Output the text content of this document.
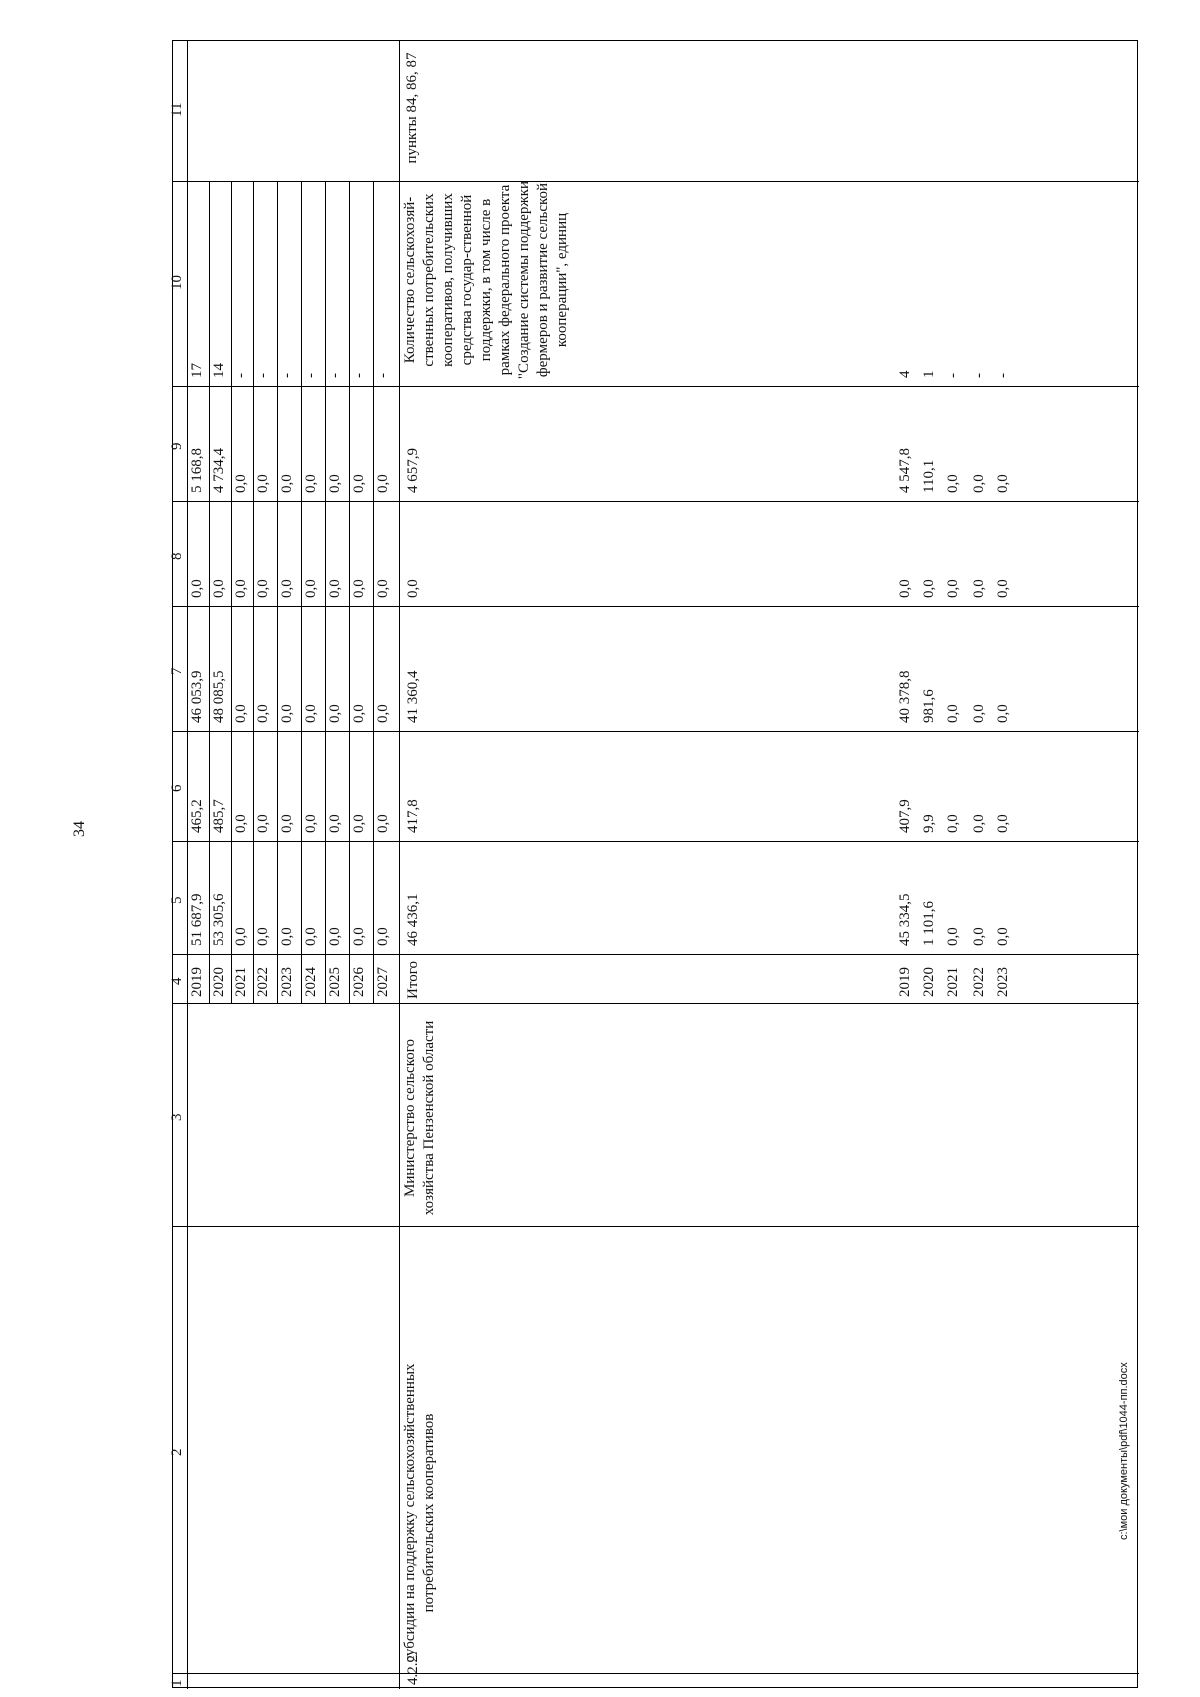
34
c:\мои документы\pdf\1044-пп.docx
1
2
3
4
5
6
7
8
9
10
11
2019
51 687,9
465,2
46 053,9
0,0
5 168,8
17
2020
53 305,6
485,7
48 085,5
0,0
4 734,4
14
2021
0,0
0,0
0,0
0,0
0,0
-
2022
0,0
0,0
0,0
0,0
0,0
-
2023
0,0
0,0
0,0
0,0
0,0
-
2024
0,0
0,0
0,0
0,0
0,0
-
2025
0,0
0,0
0,0
0,0
0,0
-
2026
0,0
0,0
0,0
0,0
0,0
-
2027
0,0
0,0
0,0
0,0
0,0
-
4.2.2.
субсидии на поддержку сельскохозяйственных потребительских кооперативов
Министерство сельского хозяйства Пензенской области
Итого
46 436,1
417,8
41 360,4
0,0
4 657,9
Количество сельскохозяй-ственных потребительских кооперативов, получивших средства государ-ственной поддержки, в том числе в рамках федерального проекта "Создание системы поддержки фермеров и развитие сельской кооперации", единиц
пункты 84, 86, 87
2019
45 334,5
407,9
40 378,8
0,0
4 547,8
4
2020
1 101,6
9,9
981,6
0,0
110,1
1
2021
0,0
0,0
0,0
0,0
0,0
-
2022
0,0
0,0
0,0
0,0
0,0
-
2023
0,0
0,0
0,0
0,0
0,0
-
